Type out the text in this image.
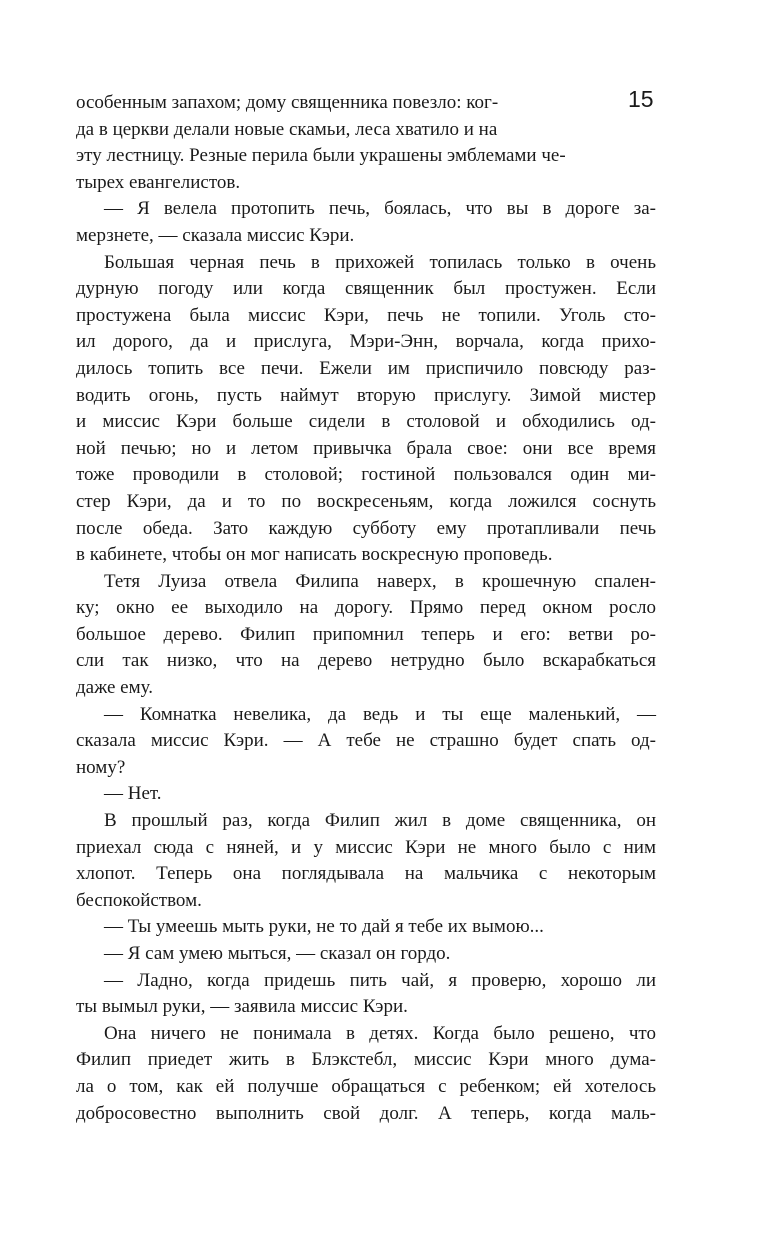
15
особенным запахом; дому священника повезло: ког-
да в церкви делали новые скамьи, леса хватило и на
эту лестницу. Резные перила были украшены эмблемами че-
тырех евангелистов.
— Я велела протопить печь, боялась, что вы в дороге за-
мерзнете, — сказала миссис Кэри.
Большая черная печь в прихожей топилась только в очень
дурную погоду или когда священник был простужен. Если
простужена была миссис Кэри, печь не топили. Уголь сто-
ил дорого, да и прислуга, Мэри-Энн, ворчала, когда прихо-
дилось топить все печи. Ежели им приспичило повсюду раз-
водить огонь, пусть наймут вторую прислугу. Зимой мистер
и миссис Кэри больше сидели в столовой и обходились од-
ной печью; но и летом привычка брала свое: они все время
тоже проводили в столовой; гостиной пользовался один ми-
стер Кэри, да и то по воскресеньям, когда ложился соснуть
после обеда. Зато каждую субботу ему протапливали печь
в кабинете, чтобы он мог написать воскресную проповедь.
Тетя Луиза отвела Филипа наверх, в крошечную спален-
ку; окно ее выходило на дорогу. Прямо перед окном росло
большое дерево. Филип припомнил теперь и его: ветви ро-
сли так низко, что на дерево нетрудно было вскарабкаться
даже ему.
— Комнатка невелика, да ведь и ты еще маленький, —
сказала миссис Кэри. — А тебе не страшно будет спать од-
ному?
— Нет.
В прошлый раз, когда Филип жил в доме священника, он
приехал сюда с няней, и у миссис Кэри не много было с ним
хлопот. Теперь она поглядывала на мальчика с некоторым
беспокойством.
— Ты умеешь мыть руки, не то дай я тебе их вымою...
— Я сам умею мыться, — сказал он гордо.
— Ладно, когда придешь пить чай, я проверю, хорошо ли
ты вымыл руки, — заявила миссис Кэри.
Она ничего не понимала в детях. Когда было решено, что
Филип приедет жить в Блэкстебл, миссис Кэри много дума-
ла о том, как ей получше обращаться с ребенком; ей хотелось
добросовестно выполнить свой долг. А теперь, когда маль-
